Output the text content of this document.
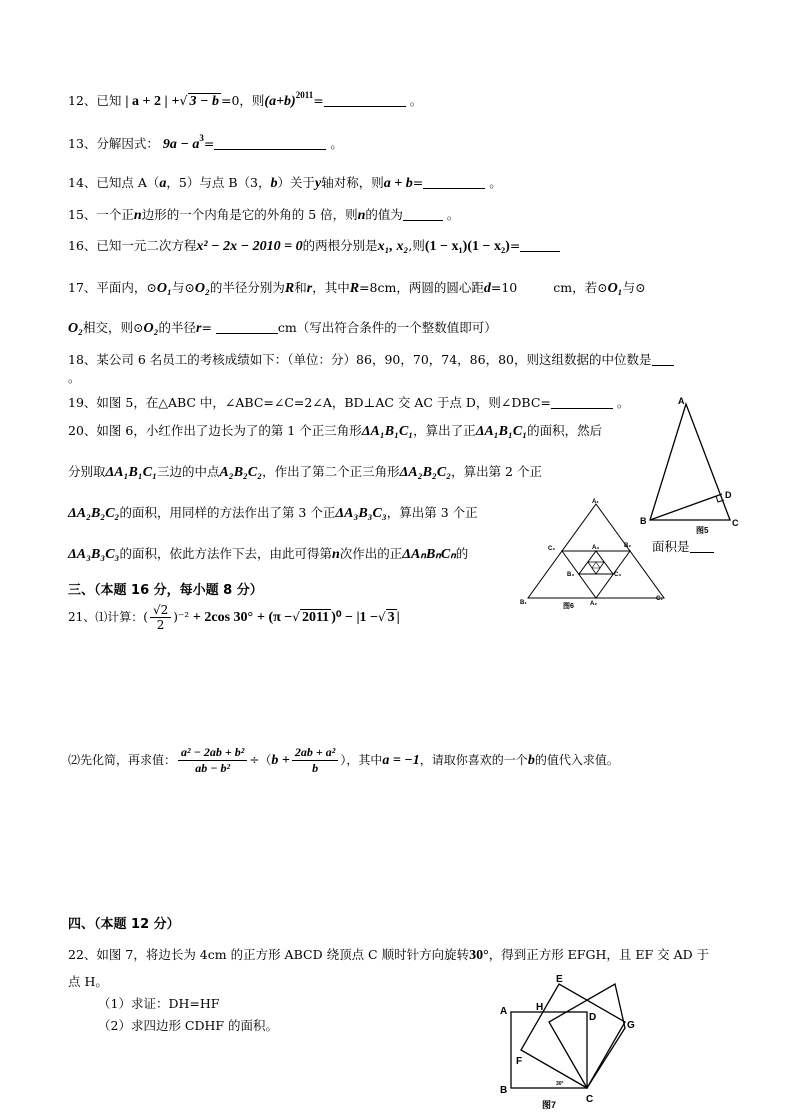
12、已知 | a + 2 | +√ 3 − b =0，则$(a+b)^{2011}=$	。
13、分解因式： $9a - a^3=$	。
14、已知点 A（a，5）与点 B（3，b）关于y轴对称，则a + b=	。
15、一个正n边形的一个内角是它的外角的 5 倍，则n的值为	。
16、已知一元二次方程x² − 2x − 2010 = 0的两根分别是x₁, x₂,则(1 − x₁)(1 − x₂)=
17、平面内，⊙O₁与⊙O₂的半径分别为R和r，其中R=8cm，两圆的圆心距d=10	cm，若⊙O₁与⊙
O₂相交，则⊙O₂的半径r=	cm（写出符合条件的一个整数值即可）
18、某公司 6 名员工的考核成绩如下：（单位：分）86，90，70，74，86，80，则这组数据的中位数是
。
19、如图 5，在△ABC 中，∠ABC=∠C=2∠A，BD⊥AC 交 AC 于点 D，则∠DBC=	。
20、如图 6，小红作出了边长为了的第 1 个正三角形ΔA₁B₁C₁，算出了正ΔA₁B₁C₁的面积，然后
分别取ΔA₁B₁C₁三边的中点A₂B₂C₂，作出了第二个正三角形ΔA₂B₂C₂，算出第 2 个正
ΔA₂B₂C₂的面积，用同样的方法作出了第 3 个正ΔA₃B₃C₃，算出第 3 个正
ΔA₃B₃C₃的面积，依此方法作下去，由此可得第n次作出的正ΔAₙBₙCₙ的	面积是
三、（本题 16 分，每小题 8 分）
21、⑴计算：( $\frac{√2}{2} )^{-2} + 2\cos$ 30° + (π −√ 2011 )⁰ − |1 −√ 3 |
⑵先化简，再求值： $\frac{\text{a² − 2ab + b²}}{\text{ab − b²}} \div(b + \frac{\text{2ab + a²}}{b}$ ），其中a = −1，请取你喜欢的一个b的值代入求值。
四、（本题 12 分）
22、如图 7，将边长为 4cm 的正方形 ABCD 绕顶点 C 顺时针方向旋转30°，得到正方形 EFGH，且 EF 交 AD 于
点 H。
（1）求证：DH=HF
（2）求四边形 CDHF 的面积。
A
B	C
D
图5
A₁
B₁
C₁
C₂	B₂
A₂
A₃
B₃	C₃
图6
A
B
C
D
E
F
G
H
30°
图7
